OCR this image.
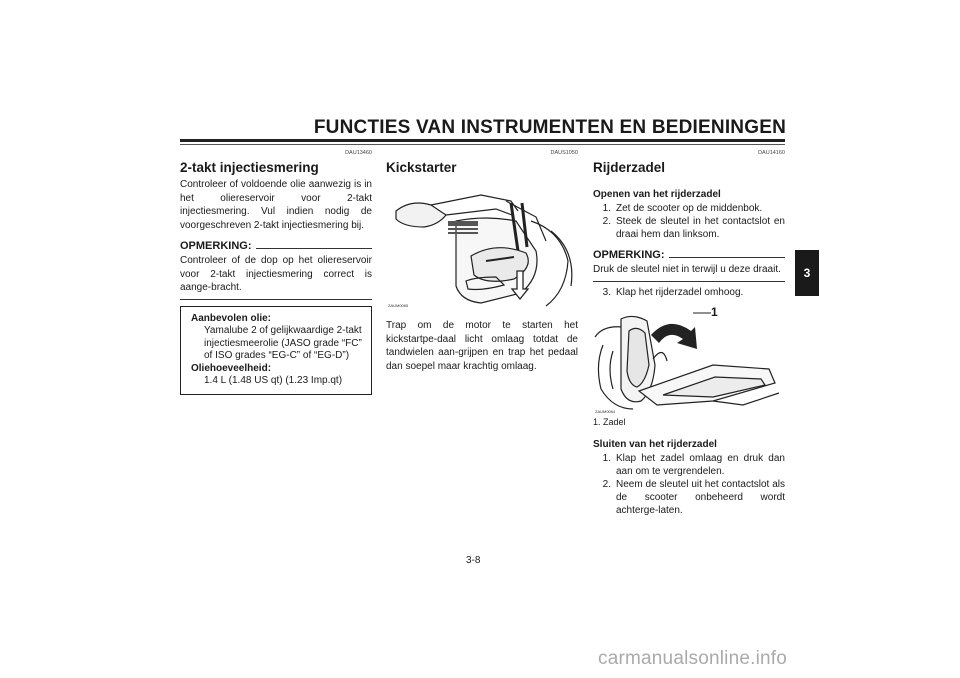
FUNCTIES VAN INSTRUMENTEN EN BEDIENINGEN
3
DAU13460
2-takt injectiesmering

Controleer of voldoende olie aanwezig is in het oliereservoir voor 2-takt injectiesmering. Vul indien nodig de voorgeschreven 2-takt injectiesmering bij.

OPMERKING:

Controleer of de dop op het oliereservoir voor 2-takt injectiesmering correct is aange-bracht.

Aanbevolen olie:
Yamalube 2 of gelijkwaardige 2-takt injectiesmeerolie (JASO grade “FC” of ISO grades “EG-C” of “EG-D”)
Oliehoeveelheid:
1.4 L (1.48 US qt) (1.23 Imp.qt)
DAUS1050
Kickstarter
ZAUM0065

Trap om de motor te starten het kickstartpe-daal licht omlaag totdat de tandwielen aan-grijpen en trap het pedaal dan soepel maar krachtig omlaag.

DAU14160
Rijderzadel
Openen van het rijderzadel
1. Zet de scooter op de middenbok.
2. Steek de sleutel in het contactslot en draai hem dan linksom.
OPMERKING:

Druk de sleutel niet in terwijl u deze draait.

3. Klap het rijderzadel omhoog.
ZAUM0064
1
1. Zadel
Sluiten van het rijderzadel
1. Klap het zadel omlaag en druk dan aan om te vergrendelen.
2. Neem de sleutel uit het contactslot als de scooter onbeheerd wordt achterge-laten.
3-8
carmanualsonline.info
